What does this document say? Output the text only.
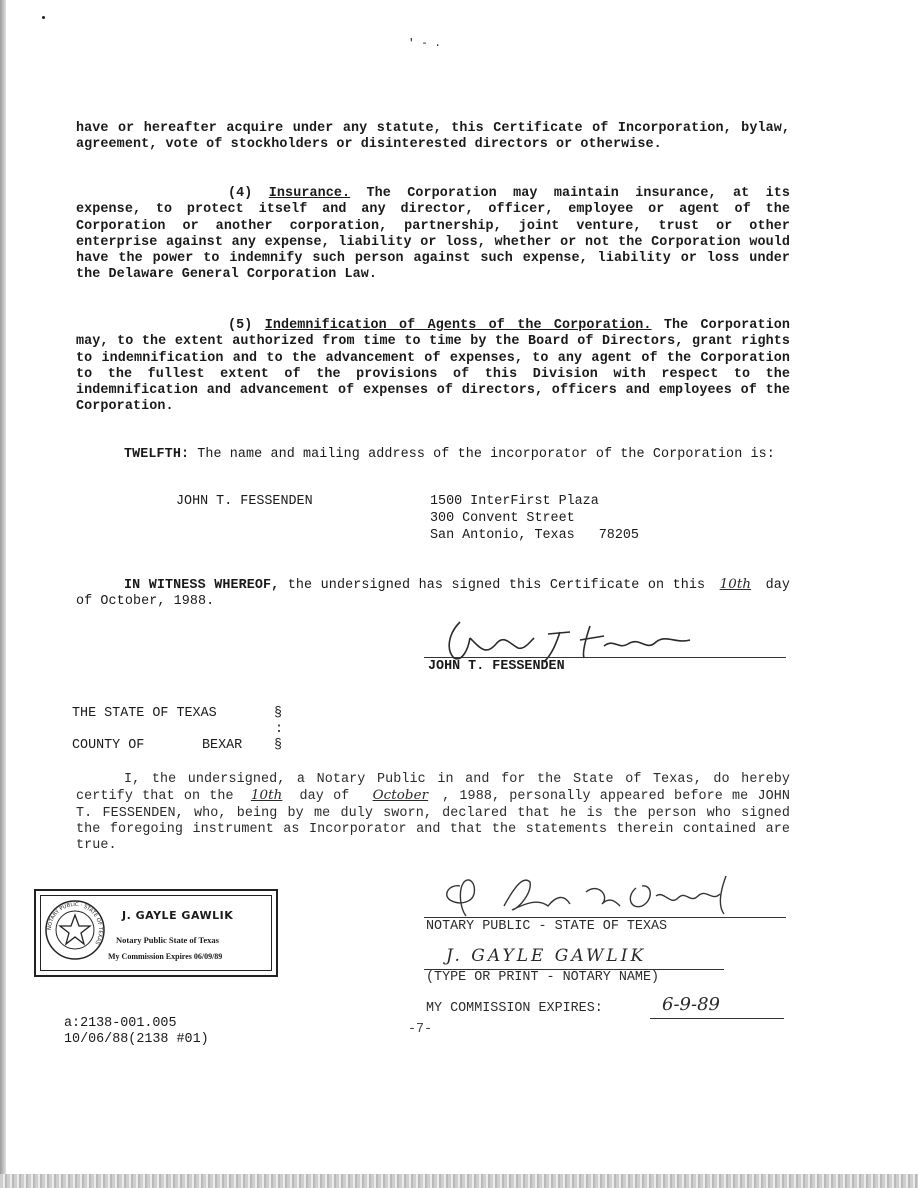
' - .

have or hereafter acquire under any statute, this Certificate of Incorporation, bylaw, agreement, vote of stockholders or disinterested directors or otherwise.

(4) Insurance. The Corporation may maintain insurance, at its expense, to protect itself and any director, officer, employee or agent of the Corporation or another corporation, partnership, joint venture, trust or other enterprise against any expense, liability or loss, whether or not the Corporation would have the power to indemnify such person against such expense, liability or loss under the Delaware General Corporation Law.

(5) Indemnification of Agents of the Corporation. The Corporation may, to the extent authorized from time to time by the Board of Directors, grant rights to indemnification and to the advancement of expenses, to any agent of the Corporation to the fullest extent of the provisions of this Division with respect to the indemnification and advancement of expenses of directors, officers and employees of the Corporation.

TWELFTH: The name and mailing address of the incorporator of the Corporation is:

JOHN T. FESSENDEN	1500 InterFirst Plaza
300 Convent Street
San Antonio, Texas   78205

IN WITNESS WHEREOF, the undersigned has signed this Certificate on this 10th day of October, 1988.

JOHN T. FESSENDEN
THE STATE OF TEXAS	§
:
COUNTY OF	BEXAR §

I, the undersigned, a Notary Public in and for the State of Texas, do hereby certify that on the 10th day of October , 1988, personally appeared before me JOHN T. FESSENDEN, who, being by me duly sworn, declared that he is the person who signed the foregoing instrument as Incorporator and that the statements therein contained are true.

NOTARY PUBLIC · STATE OF TEXAS
J. GAYLE GAWLIK
Notary Public State of Texas
My Commission Expires 06/09/89
NOTARY PUBLIC - STATE OF TEXAS
J. GAYLE GAWLIK
(TYPE OR PRINT - NOTARY NAME)
MY COMMISSION EXPIRES:	6-9-89
a:2138-001.005
10/06/88(2138 #01)
-7-
